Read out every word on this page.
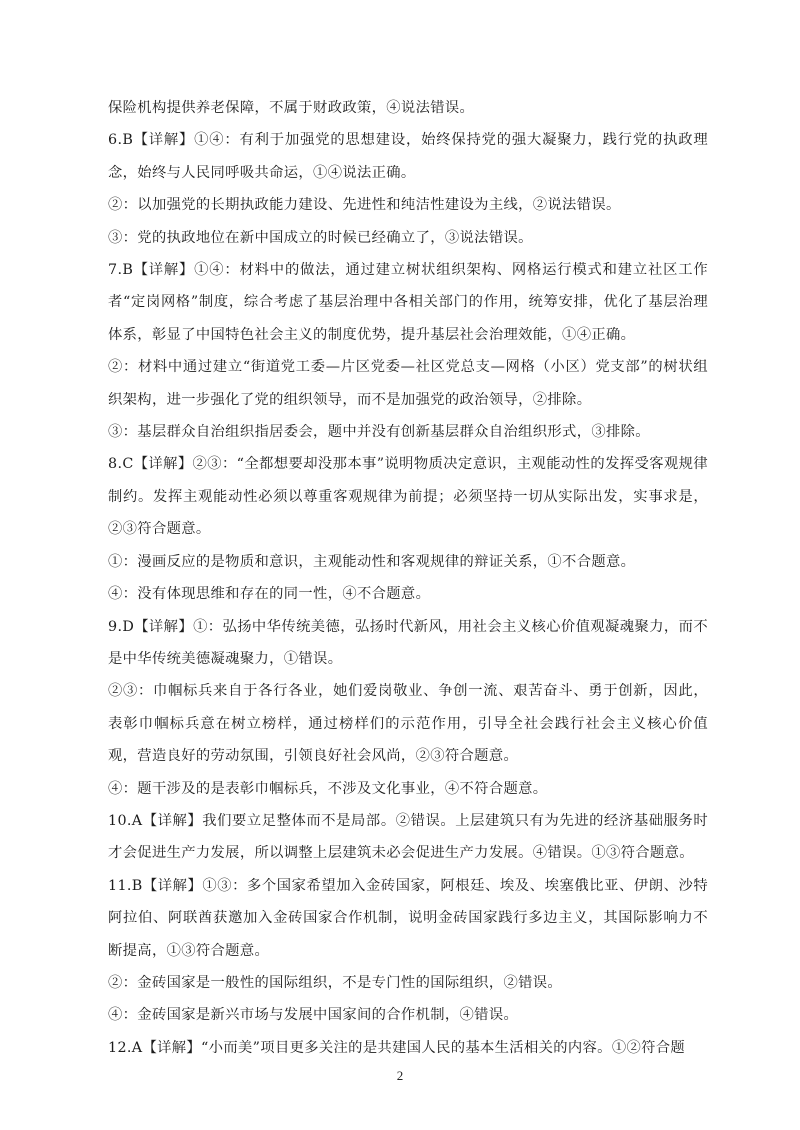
保险机构提供养老保障，不属于财政政策，④说法错误。

6.B【详解】①④：有利于加强党的思想建设，始终保持党的强大凝聚力，践行党的执政理念，始终与人民同呼吸共命运，①④说法正确。

②：以加强党的长期执政能力建设、先进性和纯洁性建设为主线，②说法错误。

③：党的执政地位在新中国成立的时候已经确立了，③说法错误。

7.B【详解】①④：材料中的做法，通过建立树状组织架构、网格运行模式和建立社区工作者“定岗网格”制度，综合考虑了基层治理中各相关部门的作用，统筹安排，优化了基层治理体系，彰显了中国特色社会主义的制度优势，提升基层社会治理效能，①④正确。

②：材料中通过建立“街道党工委—片区党委—社区党总支—网格（小区）党支部”的树状组织架构，进一步强化了党的组织领导，而不是加强党的政治领导，②排除。

③：基层群众自治组织指居委会，题中并没有创新基层群众自治组织形式，③排除。

8.C【详解】②③：“全都想要却没那本事”说明物质决定意识，主观能动性的发挥受客观规律制约。发挥主观能动性必须以尊重客观规律为前提；必须坚持一切从实际出发，实事求是，②③符合题意。

①：漫画反应的是物质和意识，主观能动性和客观规律的辩证关系，①不合题意。

④：没有体现思维和存在的同一性，④不合题意。

9.D【详解】①：弘扬中华传统美德，弘扬时代新风，用社会主义核心价值观凝魂聚力，而不是中华传统美德凝魂聚力，①错误。

②③：巾帼标兵来自于各行各业，她们爱岗敬业、争创一流、艰苦奋斗、勇于创新，因此，表彰巾帼标兵意在树立榜样，通过榜样们的示范作用，引导全社会践行社会主义核心价值观，营造良好的劳动氛围，引领良好社会风尚，②③符合题意。

④：题干涉及的是表彰巾帼标兵，不涉及文化事业，④不符合题意。

10.A【详解】我们要立足整体而不是局部。②错误。上层建筑只有为先进的经济基础服务时才会促进生产力发展，所以调整上层建筑未必会促进生产力发展。④错误。①③符合题意。

11.B【详解】①③：多个国家希望加入金砖国家，阿根廷、埃及、埃塞俄比亚、伊朗、沙特阿拉伯、阿联酋获邀加入金砖国家合作机制，说明金砖国家践行多边主义，其国际影响力不断提高，①③符合题意。

②：金砖国家是一般性的国际组织，不是专门性的国际组织，②错误。

④：金砖国家是新兴市场与发展中国家间的合作机制，④错误。

12.A【详解】“小而美”项目更多关注的是共建国人民的基本生活相关的内容。①②符合题

2
